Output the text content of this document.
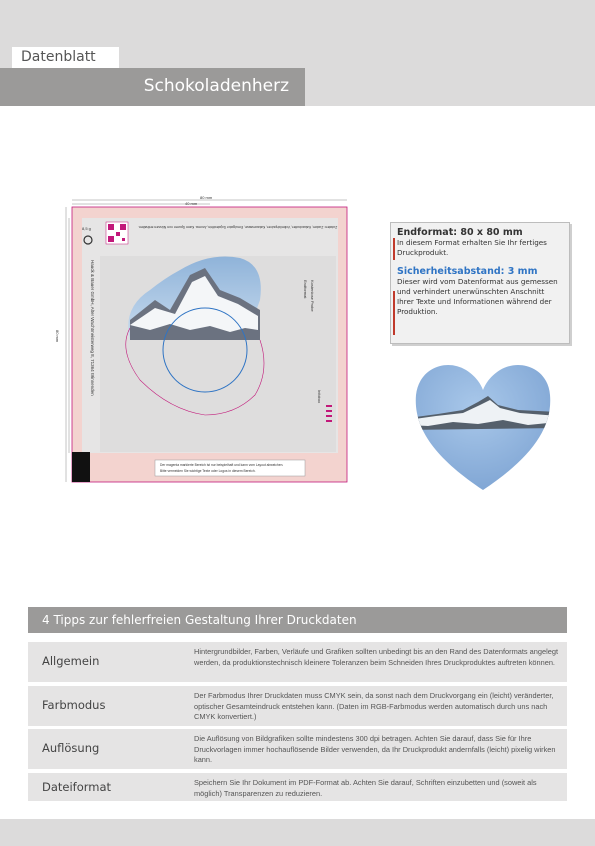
Datenblatt
Schokoladenherz
80 mm
40 mm
8,5 g
80 mm	Hauck & Bauer GmbH, Alter Wachtmeisterweg 8, 71364 Winnenden
Zutaten: Zucker, Kakaobutter, Vollmilchpulver, Kakaomasse, Emulgator Sojalecithin, Aroma. Kann Spuren von Nüssen enthalten.
Kostenlose Probe
Endformat
Infobox
Der magenta markierte Bereich ist nur beispielhaft und kann vom Layout abweichen.
Bitte vermeiden Sie wichtige Texte oder Logos in diesem Bereich.
Endformat: 80 x 80 mm
In diesem Format erhalten Sie Ihr fertiges Druckprodukt.
Sicherheitsabstand: 3 mm
Dieser wird vom Datenformat aus gemessen und verhindert unerwünschten Anschnitt Ihrer Texte und Informationen während der Produktion.
4 Tipps zur fehlerfreien Gestaltung Ihrer Druckdaten
Allgemein
Hintergrundbilder, Farben, Verläufe und Grafiken sollten unbedingt bis an den Rand des Datenformats angelegt werden, da produktionstechnisch kleinere Toleranzen beim Schneiden Ihres Druckproduktes auftreten können.
Farbmodus
Der Farbmodus Ihrer Druckdaten muss CMYK sein, da sonst nach dem Druckvorgang ein (leicht) veränderter, optischer Gesamteindruck entstehen kann. (Daten im RGB-Farbmodus werden automatisch durch uns nach CMYK konvertiert.)
Auflösung
Die Auflösung von Bildgrafiken sollte mindestens 300 dpi betragen. Achten Sie darauf, dass Sie für Ihre Druckvorlagen immer hochauflösende Bilder verwenden, da Ihr Druckprodukt andernfalls (leicht) pixelig wirken kann.
Dateiformat	Speichern Sie Ihr Dokument im PDF-Format ab. Achten Sie darauf, Schriften einzubetten und (soweit als möglich) Transparenzen zu reduzieren.
